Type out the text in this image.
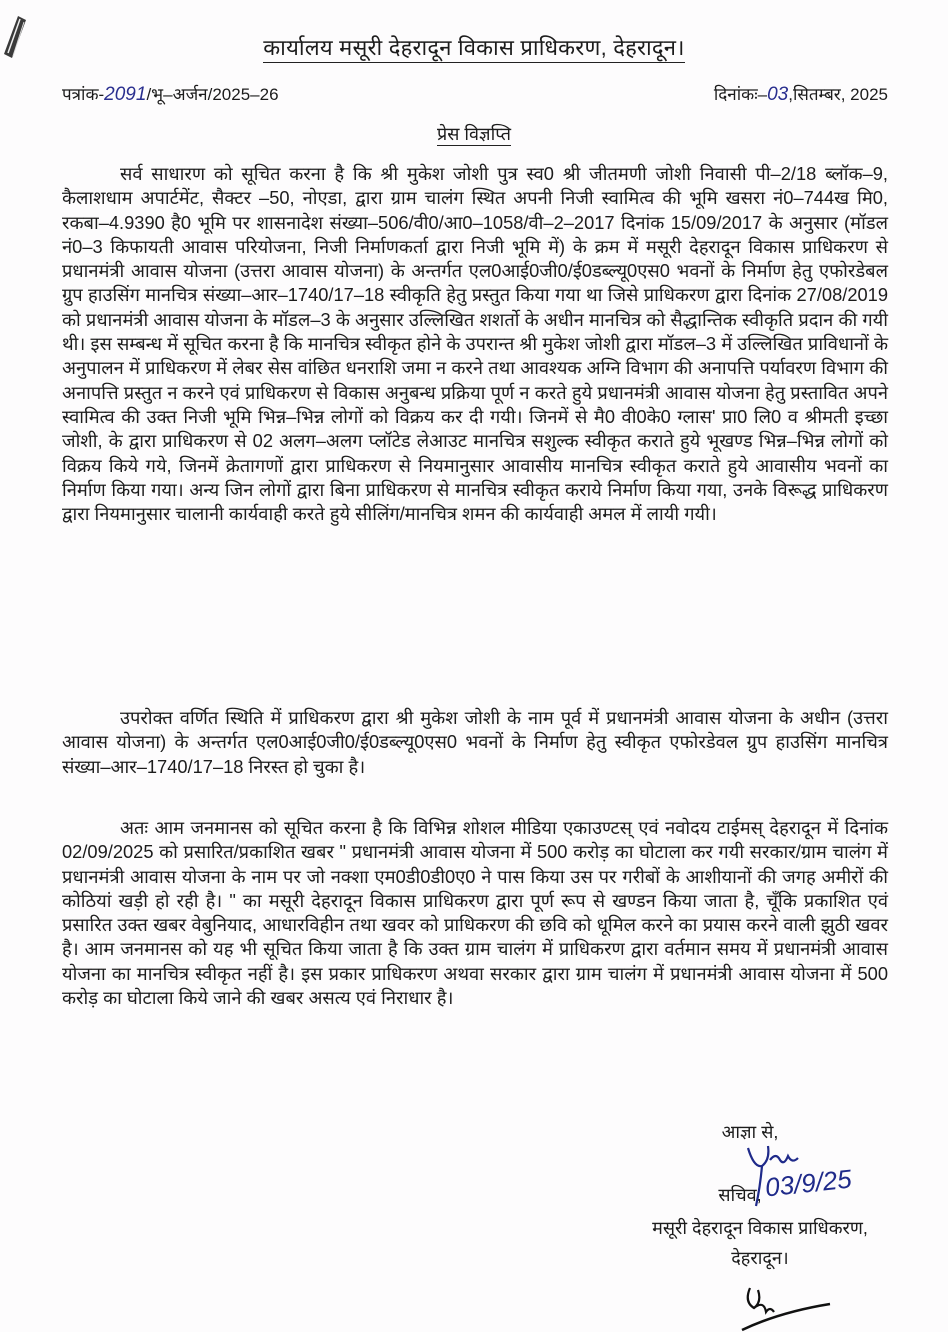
कार्यालय मसूरी देहरादून विकास प्राधिकरण, देहरादून।
पत्रांक-2091/भू–अर्जन/2025–26	दिनांकः–03,सितम्बर, 2025
प्रेस विज्ञप्ति

सर्व साधारण को सूचित करना है कि श्री मुकेश जोशी पुत्र स्व0 श्री जीतमणी जोशी निवासी पी–2/18 ब्लॉक–9, कैलाशधाम अपार्टमेंट, सैक्टर –50, नोएडा, द्वारा ग्राम चालंग स्थित अपनी निजी स्वामित्व की भूमि खसरा नं0–744ख मि0, रकबा–4.9390 है0 भूमि पर शासनादेश संख्या–506/वी0/आ0–1058/वी–2–2017 दिनांक 15/09/2017 के अनुसार (मॉडल नं0–3 किफायती आवास परियोजना, निजी निर्माणकर्ता द्वारा निजी भूमि में) के क्रम में मसूरी देहरादून विकास प्राधिकरण से प्रधानमंत्री आवास योजना (उत्तरा आवास योजना) के अन्तर्गत एल0आई0जी0/ई0डब्ल्यू0एस0 भवनों के निर्माण हेतु एफोरडेबल ग्रुप हाउसिंग मानचित्र संख्या–आर–1740/17–18 स्वीकृति हेतु प्रस्तुत किया गया था जिसे प्राधिकरण द्वारा दिनांक 27/08/2019 को प्रधानमंत्री आवास योजना के मॉडल–3 के अनुसार उल्लिखित शशर्तो के अधीन मानचित्र को सैद्धान्तिक स्वीकृति प्रदान की गयी थी। इस सम्बन्ध में सूचित करना है कि मानचित्र स्वीकृत होने के उपरान्त श्री मुकेश जोशी द्वारा मॉडल–3 में उल्लिखित प्राविधानों के अनुपालन में प्राधिकरण में लेबर सेस वांछित धनराशि जमा न करने तथा आवश्यक अग्नि विभाग की अनापत्ति पर्यावरण विभाग की अनापत्ति प्रस्तुत न करने एवं प्राधिकरण से विकास अनुबन्ध प्रक्रिया पूर्ण न करते हुये प्रधानमंत्री आवास योजना हेतु प्रस्तावित अपने स्वामित्व की उक्त निजी भूमि भिन्न–भिन्न लोगों को विक्रय कर दी गयी। जिनमें से मै0 वी0के0 ग्लास' प्रा0 लि0 व श्रीमती इच्छा जोशी, के द्वारा प्राधिकरण से 02 अलग–अलग प्लॉटेड लेआउट मानचित्र सशुल्क स्वीकृत कराते हुये भूखण्ड भिन्न–भिन्न लोगों को विक्रय किये गये, जिनमें क्रेतागणों द्वारा प्राधिकरण से नियमानुसार आवासीय मानचित्र स्वीकृत कराते हुये आवासीय भवनों का निर्माण किया गया। अन्य जिन लोगों द्वारा बिना प्राधिकरण से मानचित्र स्वीकृत कराये निर्माण किया गया, उनके विरूद्ध प्राधिकरण द्वारा नियमानुसार चालानी कार्यवाही करते हुये सीलिंग/मानचित्र शमन की कार्यवाही अमल में लायी गयी।

उपरोक्त वर्णित स्थिति में प्राधिकरण द्वारा श्री मुकेश जोशी के नाम पूर्व में प्रधानमंत्री आवास योजना के अधीन (उत्तरा आवास योजना) के अन्तर्गत एल0आई0जी0/ई0डब्ल्यू0एस0 भवनों के निर्माण हेतु स्वीकृत एफोरडेवल ग्रुप हाउसिंग मानचित्र संख्या–आर–1740/17–18 निरस्त हो चुका है।

अतः आम जनमानस को सूचित करना है कि विभिन्न शोशल मीडिया एकाउण्टस् एवं नवोदय टाईमस् देहरादून में दिनांक 02/09/2025 को प्रसारित/प्रकाशित खबर " प्रधानमंत्री आवास योजना में 500 करोड़ का घोटाला कर गयी सरकार/ग्राम चालंग में प्रधानमंत्री आवास योजना के नाम पर जो नक्शा एम0डी0डी0ए0 ने पास किया उस पर गरीबों के आशीयानों की जगह अमीरों की कोठियां खड़ी हो रही है। " का मसूरी देहरादून विकास प्राधिकरण द्वारा पूर्ण रूप से खण्डन किया जाता है, चूँकि प्रकाशित एवं प्रसारित उक्त खबर वेबुनियाद, आधारविहीन तथा खवर को प्राधिकरण की छवि को धूमिल करने का प्रयास करने वाली झुठी खवर है। आम जनमानस को यह भी सूचित किया जाता है कि उक्त ग्राम चालंग में प्राधिकरण द्वारा वर्तमान समय में प्रधानमंत्री आवास योजना का मानचित्र स्वीकृत नहीं है। इस प्रकार प्राधिकरण अथवा सरकार द्वारा ग्राम चालंग में प्रधानमंत्री आवास योजना में 500 करोड़ का घोटाला किये जाने की खबर असत्य एवं निराधार है।

आज्ञा से,
03/9/25
सचिव,
मसूरी देहरादून विकास प्राधिकरण,
देहरादून।
